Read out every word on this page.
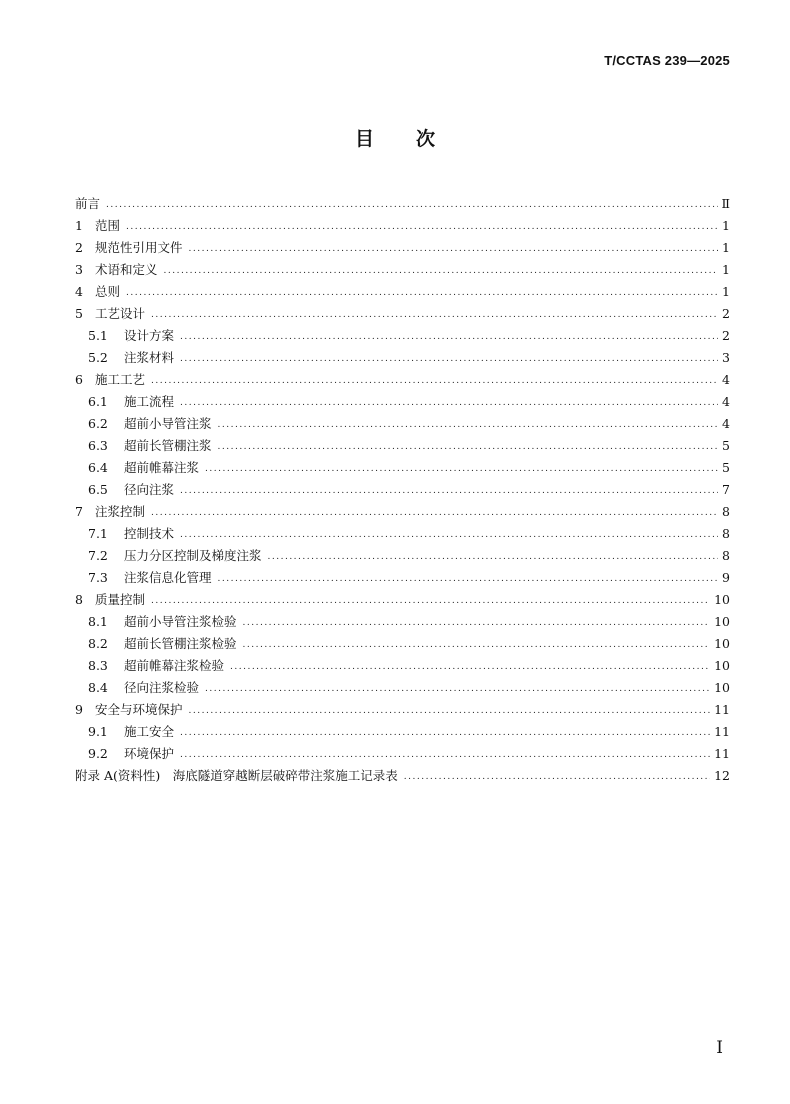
T/CCTAS 239—2025
目 次
前言 .....	Ⅱ
1 范围 .....	1
2 规范性引用文件 .....	1
3 术语和定义 .....	1
4 总则 .....	1
5 工艺设计 .....	2
5.1	设计方案 .....	2
5.2	注浆材料 .....	3
6 施工工艺 .....	4
6.1	施工流程 .....	4
6.2	超前小导管注浆 .....	4
6.3	超前长管棚注浆 .....	5
6.4	超前帷幕注浆 .....	5
6.5	径向注浆 .....	7
7 注浆控制 .....	8
7.1	控制技术 .....	8
7.2	压力分区控制及梯度注浆 .....	8
7.3	注浆信息化管理 .....	9
8 质量控制 .....	10
8.1	超前小导管注浆检验 .....	10
8.2	超前长管棚注浆检验 .....	10
8.3	超前帷幕注浆检验 .....	10
8.4	径向注浆检验 .....	10
9 安全与环境保护 .....	11
9.1	施工安全 .....	11
9.2	环境保护 .....	11
附录 A(资料性)　海底隧道穿越断层破碎带注浆施工记录表 .....	12
I
